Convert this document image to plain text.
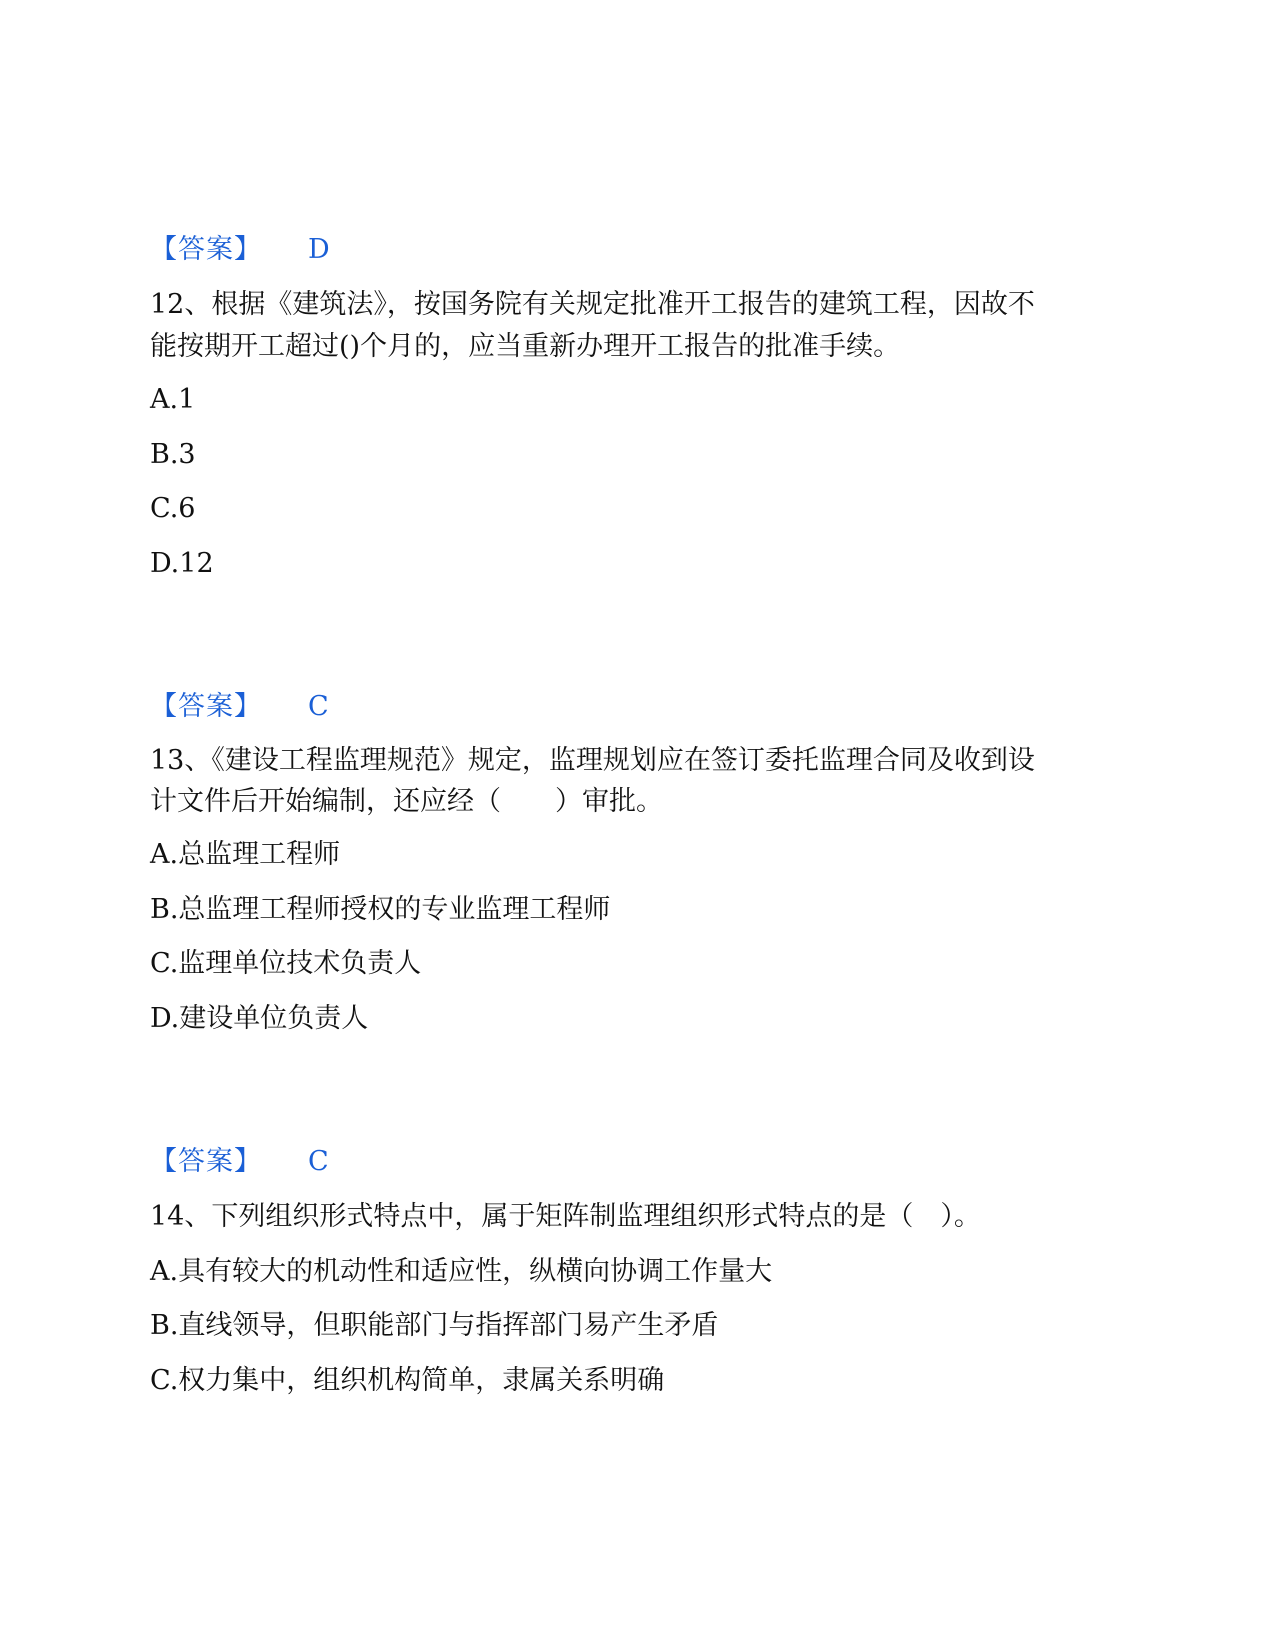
【答案】 D
12、根据《建筑法》，按国务院有关规定批准开工报告的建筑工程，因故不
能按期开工超过()个月的，应当重新办理开工报告的批准手续。
A.1
B.3
C.6
D.12
【答案】 C
13、《建设工程监理规范》规定，监理规划应在签订委托监理合同及收到设
计文件后开始编制，还应经（　　）审批。
A.总监理工程师
B.总监理工程师授权的专业监理工程师
C.监理单位技术负责人
D.建设单位负责人
【答案】 C
14、下列组织形式特点中，属于矩阵制监理组织形式特点的是（　）。
A.具有较大的机动性和适应性，纵横向协调工作量大
B.直线领导，但职能部门与指挥部门易产生矛盾
C.权力集中，组织机构简单，隶属关系明确
